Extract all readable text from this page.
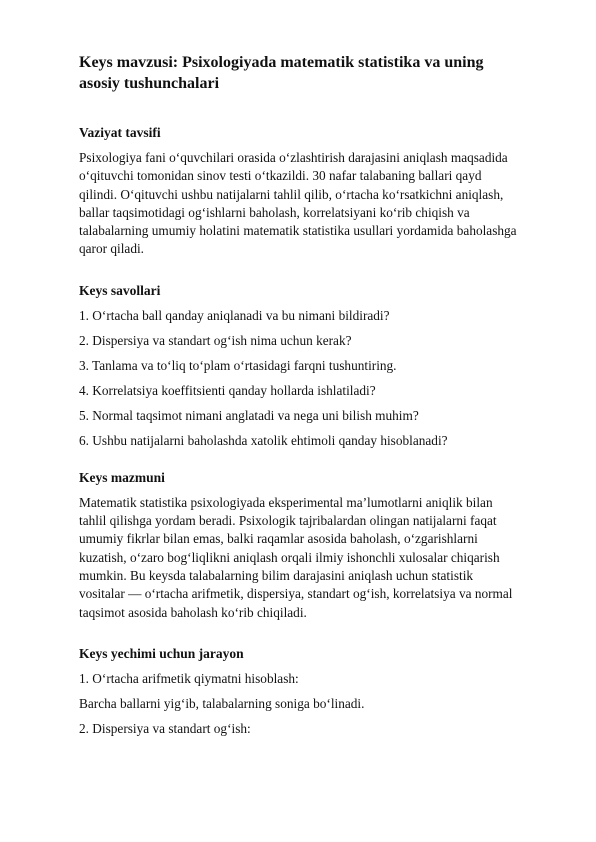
Keys mavzusi: Psixologiyada matematik statistika va uning asosiy tushunchalari
Vaziyat tavsifi

Psixologiya fani o‘quvchilari orasida o‘zlashtirish darajasini aniqlash maqsadida o‘qituvchi tomonidan sinov testi o‘tkazildi. 30 nafar talabaning ballari qayd qilindi. O‘qituvchi ushbu natijalarni tahlil qilib, o‘rtacha ko‘rsatkichni aniqlash, ballar taqsimotidagi og‘ishlarni baholash, korrelatsiyani ko‘rib chiqish va talabalarning umumiy holatini matematik statistika usullari yordamida baholashga qaror qiladi.

Keys savollari

1. O‘rtacha ball qanday aniqlanadi va bu nimani bildiradi?

2. Dispersiya va standart og‘ish nima uchun kerak?

3. Tanlama va to‘liq to‘plam o‘rtasidagi farqni tushuntiring.

4. Korrelatsiya koeffitsienti qanday hollarda ishlatiladi?

5. Normal taqsimot nimani anglatadi va nega uni bilish muhim?

6. Ushbu natijalarni baholashda xatolik ehtimoli qanday hisoblanadi?

Keys mazmuni

Matematik statistika psixologiyada eksperimental ma’lumotlarni aniqlik bilan tahlil qilishga yordam beradi. Psixologik tajribalardan olingan natijalarni faqat umumiy fikrlar bilan emas, balki raqamlar asosida baholash, o‘zgarishlarni kuzatish, o‘zaro bog‘liqlikni aniqlash orqali ilmiy ishonchli xulosalar chiqarish mumkin. Bu keysda talabalarning bilim darajasini aniqlash uchun statistik vositalar — o‘rtacha arifmetik, dispersiya, standart og‘ish, korrelatsiya va normal taqsimot asosida baholash ko‘rib chiqiladi.

Keys yechimi uchun jarayon

1. O‘rtacha arifmetik qiymatni hisoblash:

Barcha ballarni yig‘ib, talabalarning soniga bo‘linadi.

2. Dispersiya va standart og‘ish:
